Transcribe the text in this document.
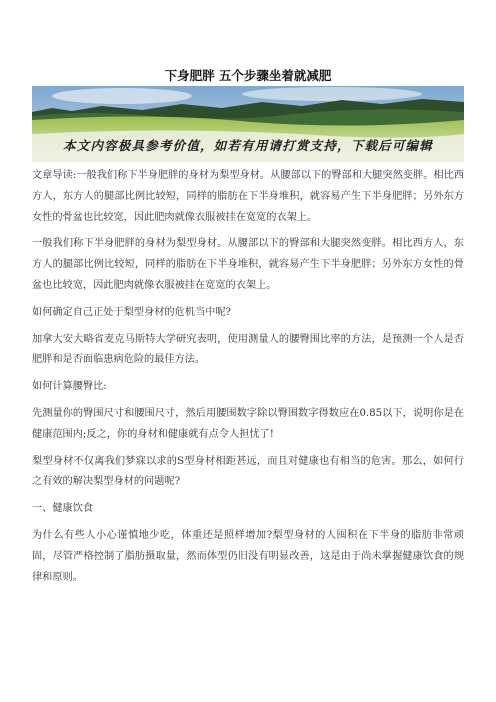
下身肥胖 五个步骤坐着就减肥
本文内容极具参考价值，如若有用请打赏支持，下载后可编辑

文章导读:一般我们称下半身肥胖的身材为梨型身材。从腰部以下的臀部和大腿突然变胖。相比西方人，东方人的腿部比例比较短，同样的脂肪在下半身堆积，就容易产生下半身肥胖；另外东方女性的骨盆也比较宽，因此肥肉就像衣服被挂在宽宽的衣架上。

一般我们称下半身肥胖的身材为梨型身材。从腰部以下的臀部和大腿突然变胖。相比西方人，东方人的腿部比例比较短，同样的脂肪在下半身堆积，就容易产生下半身肥胖；另外东方女性的骨盆也比较宽，因此肥肉就像衣服被挂在宽宽的衣架上。

如何确定自己正处于梨型身材的危机当中呢?

加拿大安大略省麦克马斯特大学研究表明，使用测量人的腰臀围比率的方法，是预测一个人是否肥胖和是否面临患病危险的最佳方法。

如何计算腰臀比:

先测量你的臀围尺寸和腰围尺寸，然后用腰围数字除以臀围数字得数应在0.85以下，说明你是在健康范围内;反之，你的身材和健康就有点令人担忧了!

梨型身材不仅离我们梦寐以求的S型身材相距甚远，而且对健康也有相当的危害。那么，如何行之有效的解决梨型身材的问题呢?

一、健康饮食

为什么有些人小心谨慎地少吃，体重还是照样增加?梨型身材的人囤积在下半身的脂肪非常顽固，尽管严格控制了脂肪摄取量，然而体型仍旧没有明显改善，这是由于尚未掌握健康饮食的规律和原则。
